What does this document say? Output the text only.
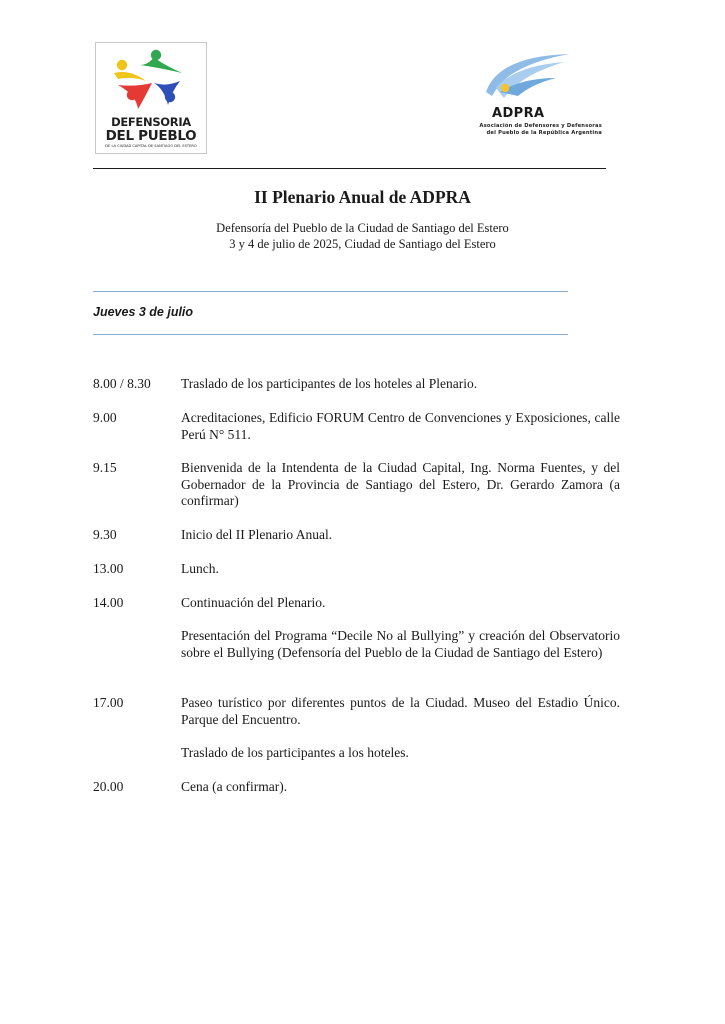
DEFENSORIA
DEL PUEBLO
DE LA CIUDAD CAPITAL DE SANTIAGO DEL ESTERO
ADPRA
Asociación de Defensores y Defensoras
del Pueblo de la República Argentina
II Plenario Anual de ADPRA
Defensoría del Pueblo de la Ciudad de Santiago del Estero
3 y 4 de julio de 2025, Ciudad de Santiago del Estero
Jueves 3 de julio
8.00 / 8.30 Traslado de los participantes de los hoteles al Plenario.
9.00	Acreditaciones, Edificio FORUM Centro de Convenciones y Exposiciones, calle Perú N° 511.
9.15	Bienvenida de la Intendenta de la Ciudad Capital, Ing. Norma Fuentes, y del Gobernador de la Provincia de Santiago del Estero, Dr. Gerardo Zamora (a confirmar)
9.30	Inicio del II Plenario Anual.
13.00	Lunch.
14.00	Continuación del Plenario.
Presentación del Programa “Decile No al Bullying” y creación del Observatorio sobre el Bullying (Defensoría del Pueblo de la Ciudad de Santiago del Estero)
17.00	Paseo turístico por diferentes puntos de la Ciudad. Museo del Estadio Único. Parque del Encuentro.
Traslado de los participantes a los hoteles.
20.00	Cena (a confirmar).
